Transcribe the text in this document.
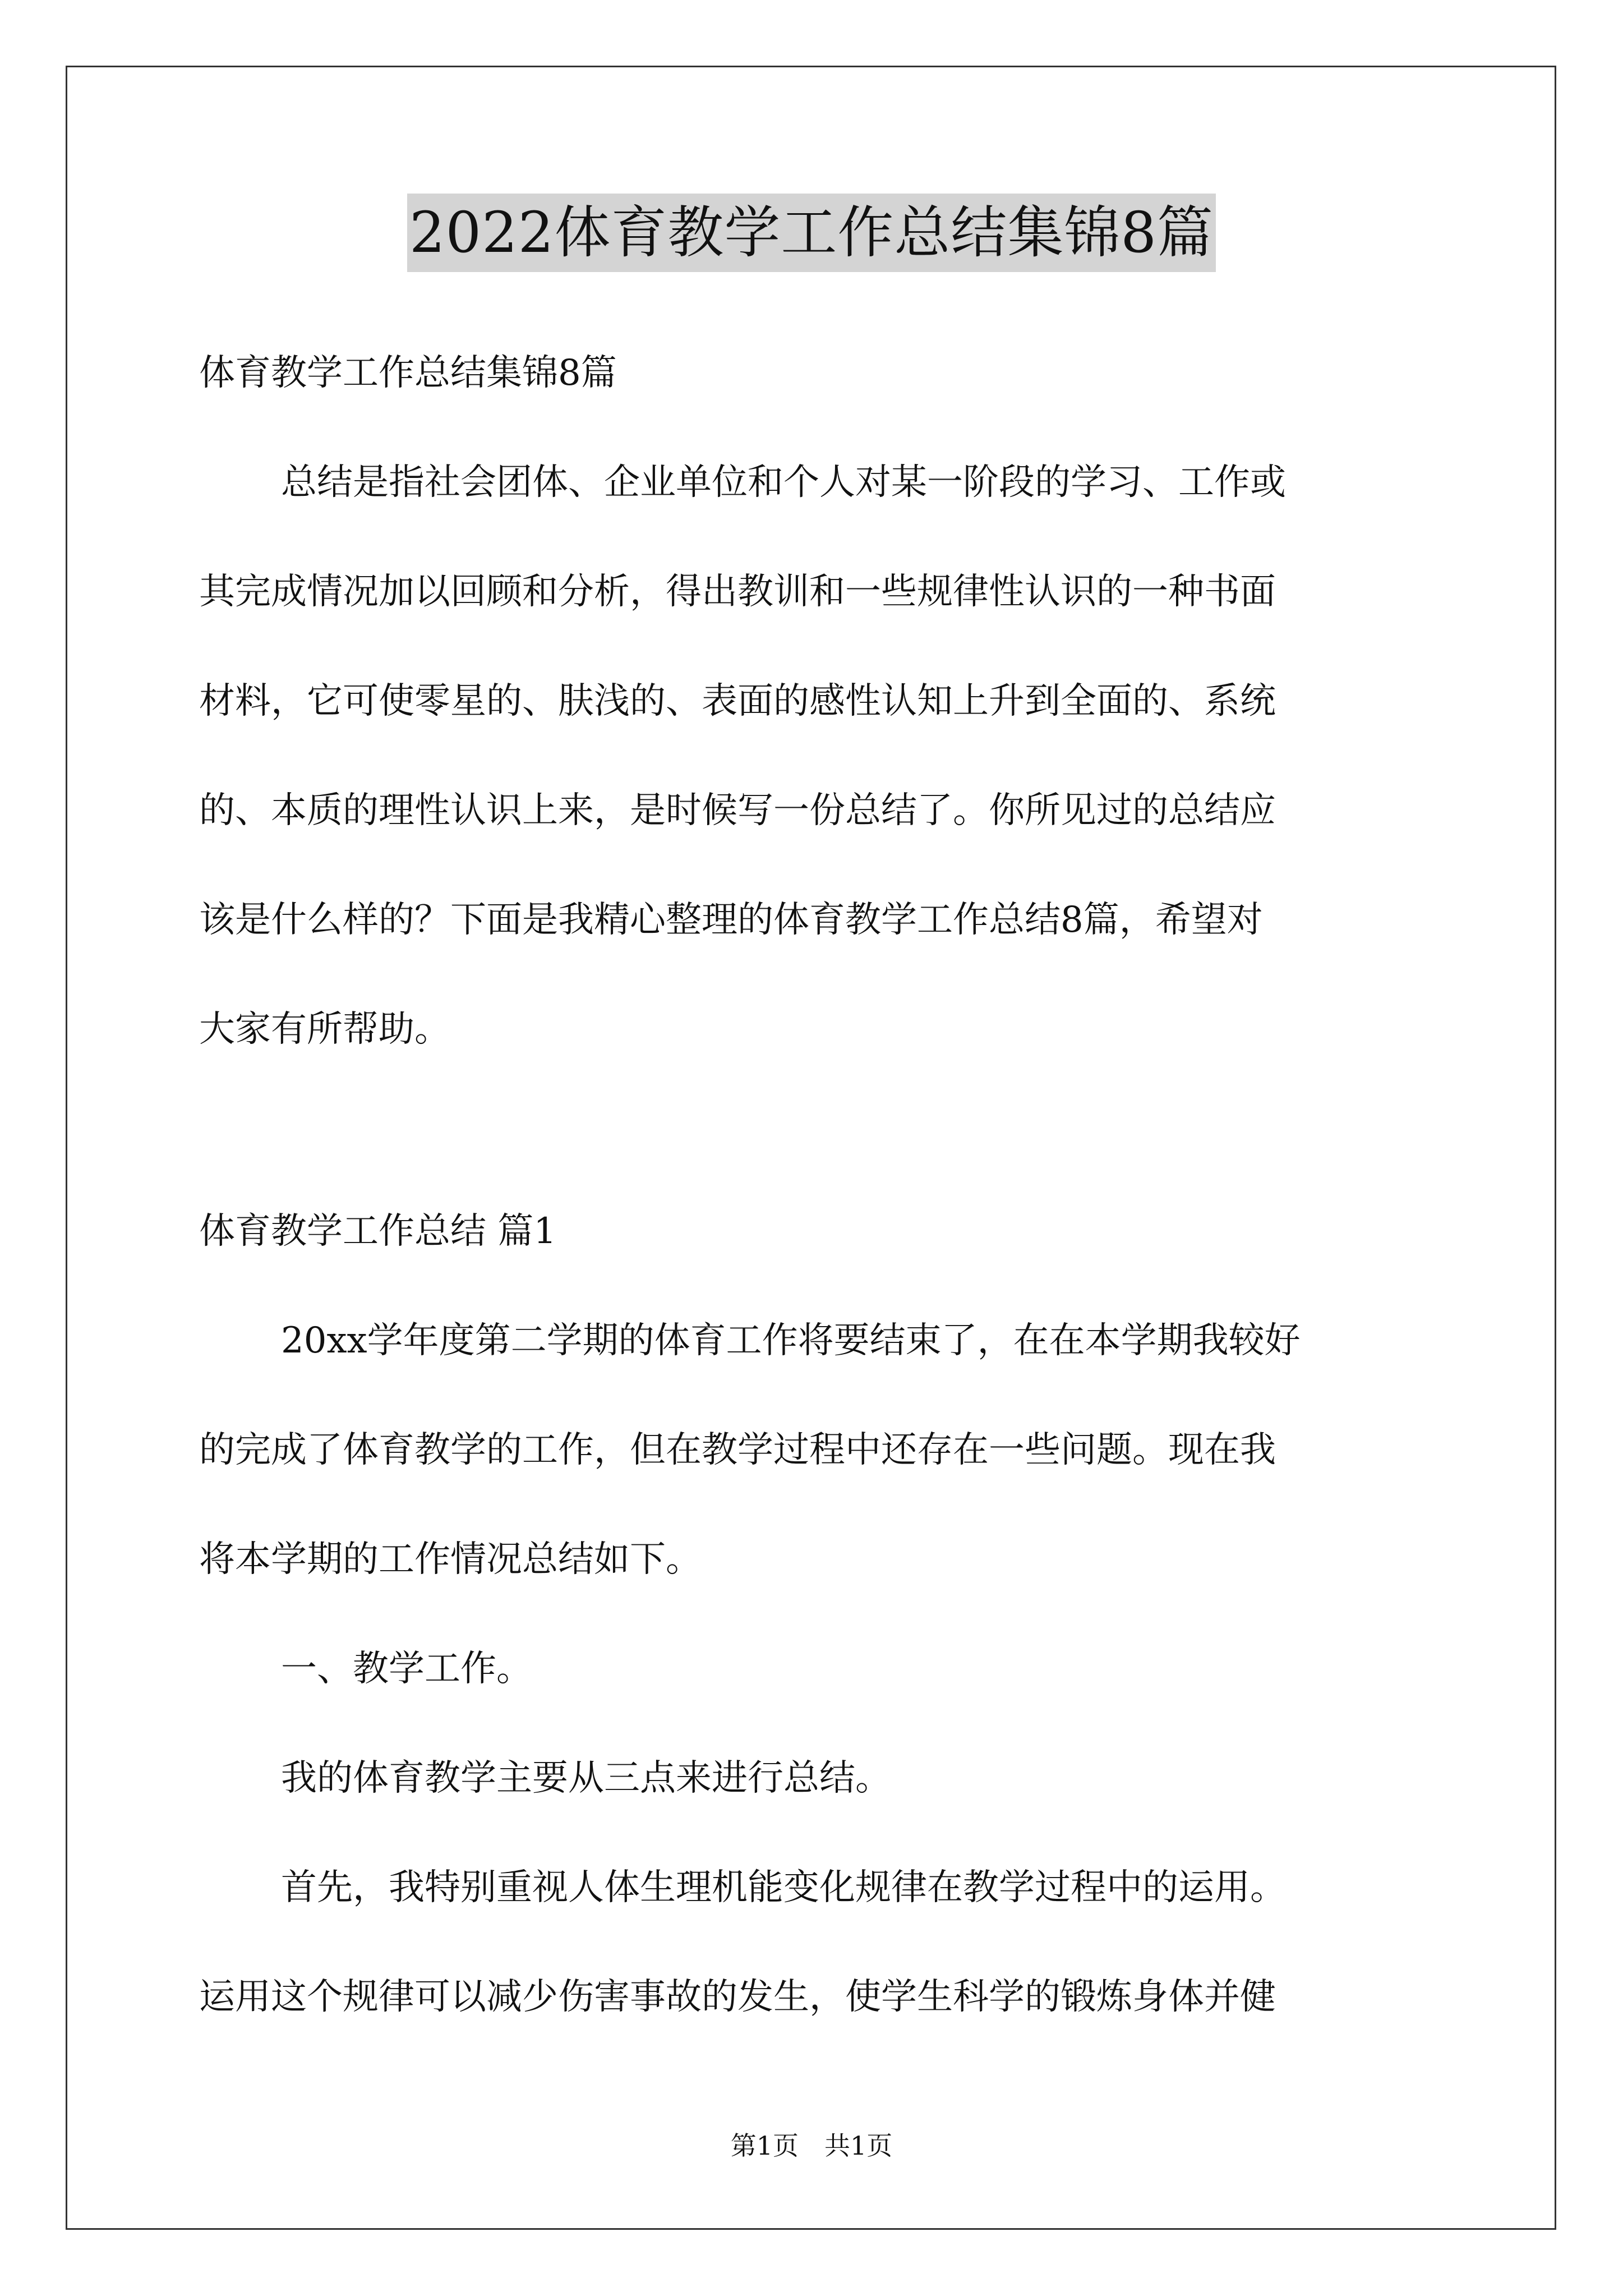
2022体育教学工作总结集锦8篇
体育教学工作总结集锦8篇
总结是指社会团体、企业单位和个人对某一阶段的学习、工作或
其完成情况加以回顾和分析，得出教训和一些规律性认识的一种书面
材料，它可使零星的、肤浅的、表面的感性认知上升到全面的、系统
的、本质的理性认识上来，是时候写一份总结了。你所见过的总结应
该是什么样的？下面是我精心整理的体育教学工作总结8篇，希望对
大家有所帮助。
体育教学工作总结 篇1
20xx学年度第二学期的体育工作将要结束了，在在本学期我较好
的完成了体育教学的工作，但在教学过程中还存在一些问题。现在我
将本学期的工作情况总结如下。
一、教学工作。
我的体育教学主要从三点来进行总结。
首先，我特别重视人体生理机能变化规律在教学过程中的运用。
运用这个规律可以减少伤害事故的发生，使学生科学的锻炼身体并健
第1页　共1页
